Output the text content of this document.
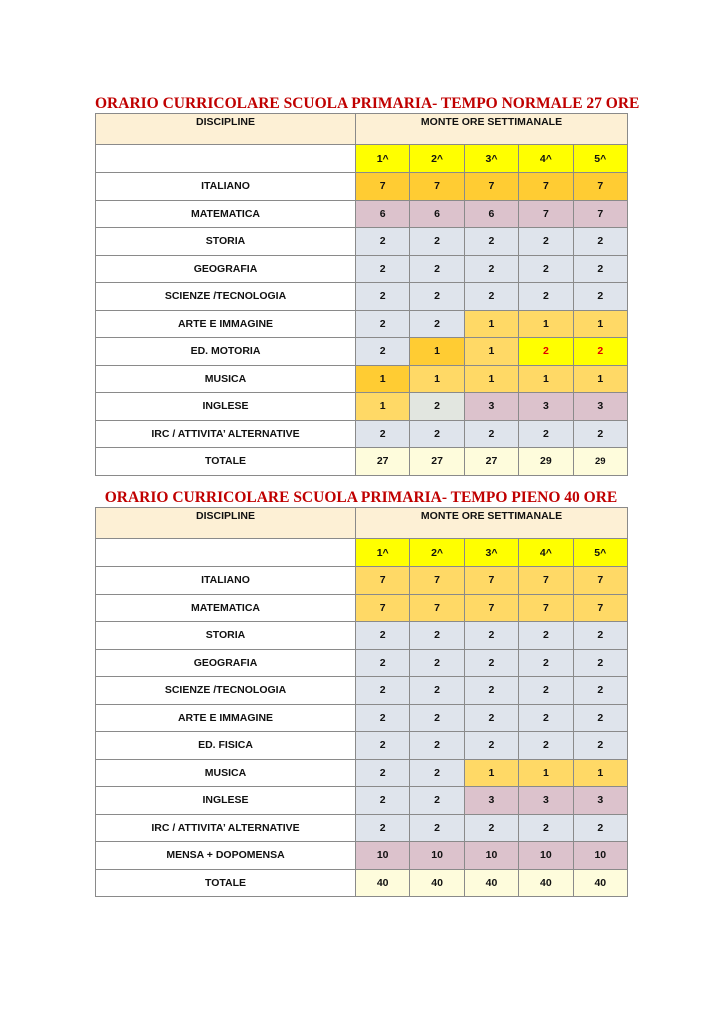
ORARIO CURRICOLARE SCUOLA PRIMARIA- TEMPO NORMALE 27 ORE
DISCIPLINE	MONTE ORE SETTIMANALE				
	1^	2^	3^	4^	5^
ITALIANO	7	7	7	7	7
MATEMATICA	6	6	6	7	7
STORIA	2	2	2	2	2
GEOGRAFIA	2	2	2	2	2
SCIENZE /TECNOLOGIA	2	2	2	2	2
ARTE E IMMAGINE	2	2	1	1	1
ED. MOTORIA	2	1	1	2	2
MUSICA	1	1	1	1	1
INGLESE	1	2	3	3	3
IRC / ATTIVITA’ ALTERNATIVE	2	2	2	2	2
TOTALE	27	27	27	29	29
ORARIO CURRICOLARE SCUOLA PRIMARIA- TEMPO PIENO 40 ORE
DISCIPLINE	MONTE ORE SETTIMANALE				
	1^	2^	3^	4^	5^
ITALIANO	7	7	7	7	7
MATEMATICA	7	7	7	7	7
STORIA	2	2	2	2	2
GEOGRAFIA	2	2	2	2	2
SCIENZE /TECNOLOGIA	2	2	2	2	2
ARTE E IMMAGINE	2	2	2	2	2
ED. FISICA	2	2	2	2	2
MUSICA	2	2	1	1	1
INGLESE	2	2	3	3	3
IRC / ATTIVITA’ ALTERNATIVE	2	2	2	2	2
MENSA + DOPOMENSA	10	10	10	10	10
TOTALE	40	40	40	40	40
